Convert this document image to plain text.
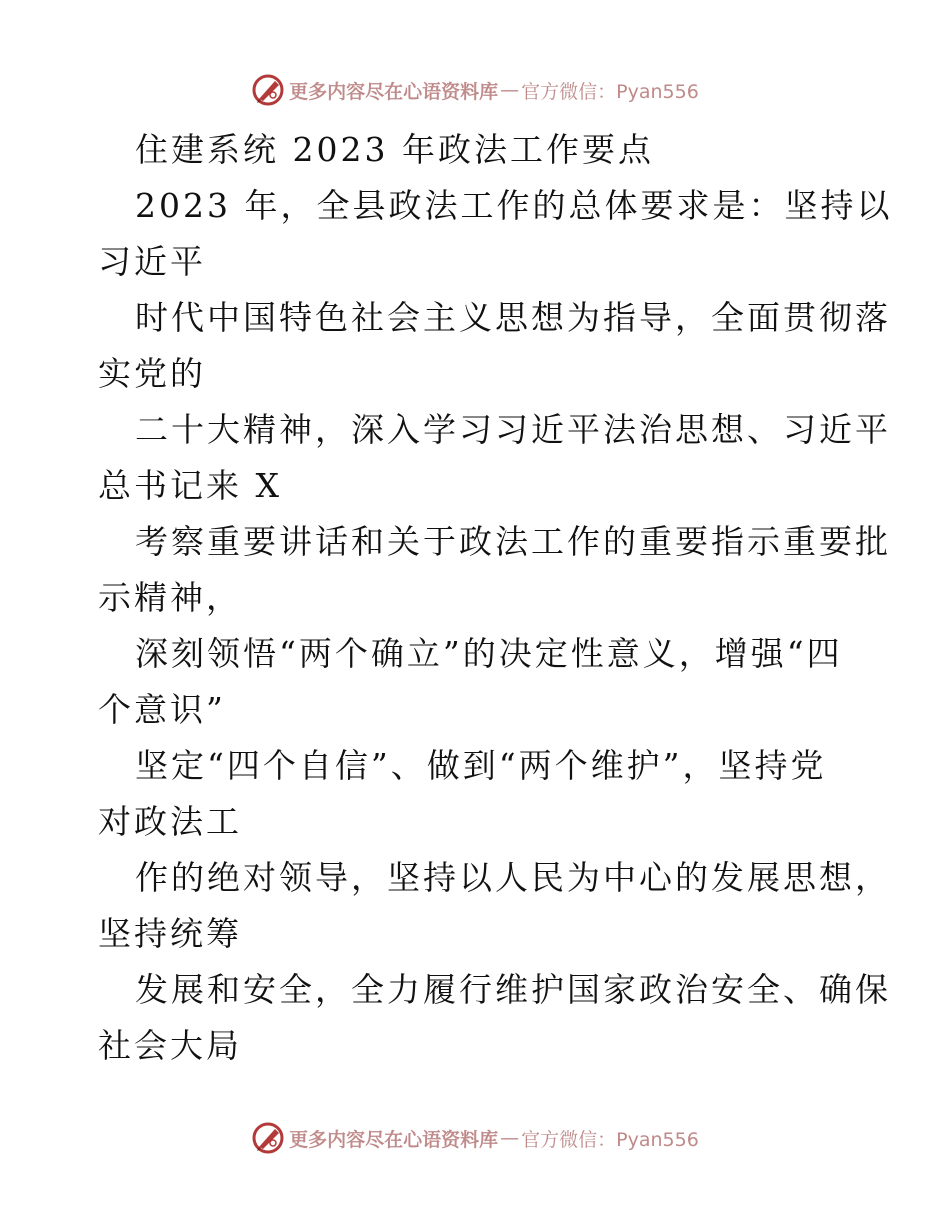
更多内容尽在心语资料库 — 官方微信：Pyan556
住建系统 2023 年政法工作要点
2023 年，全县政法工作的总体要求是：坚持以
习近平
时代中国特色社会主义思想为指导，全面贯彻落
实党的
二十大精神，深入学习习近平法治思想、习近平
总书记来 X
考察重要讲话和关于政法工作的重要指示重要批
示精神，
深刻领悟“两个确立”的决定性意义，增强“四
个意识”
坚定“四个自信”、做到“两个维护”，坚持党
对政法工
作的绝对领导，坚持以人民为中心的发展思想，
坚持统筹
发展和安全，全力履行维护国家政治安全、确保
社会大局
更多内容尽在心语资料库 — 官方微信：Pyan556
